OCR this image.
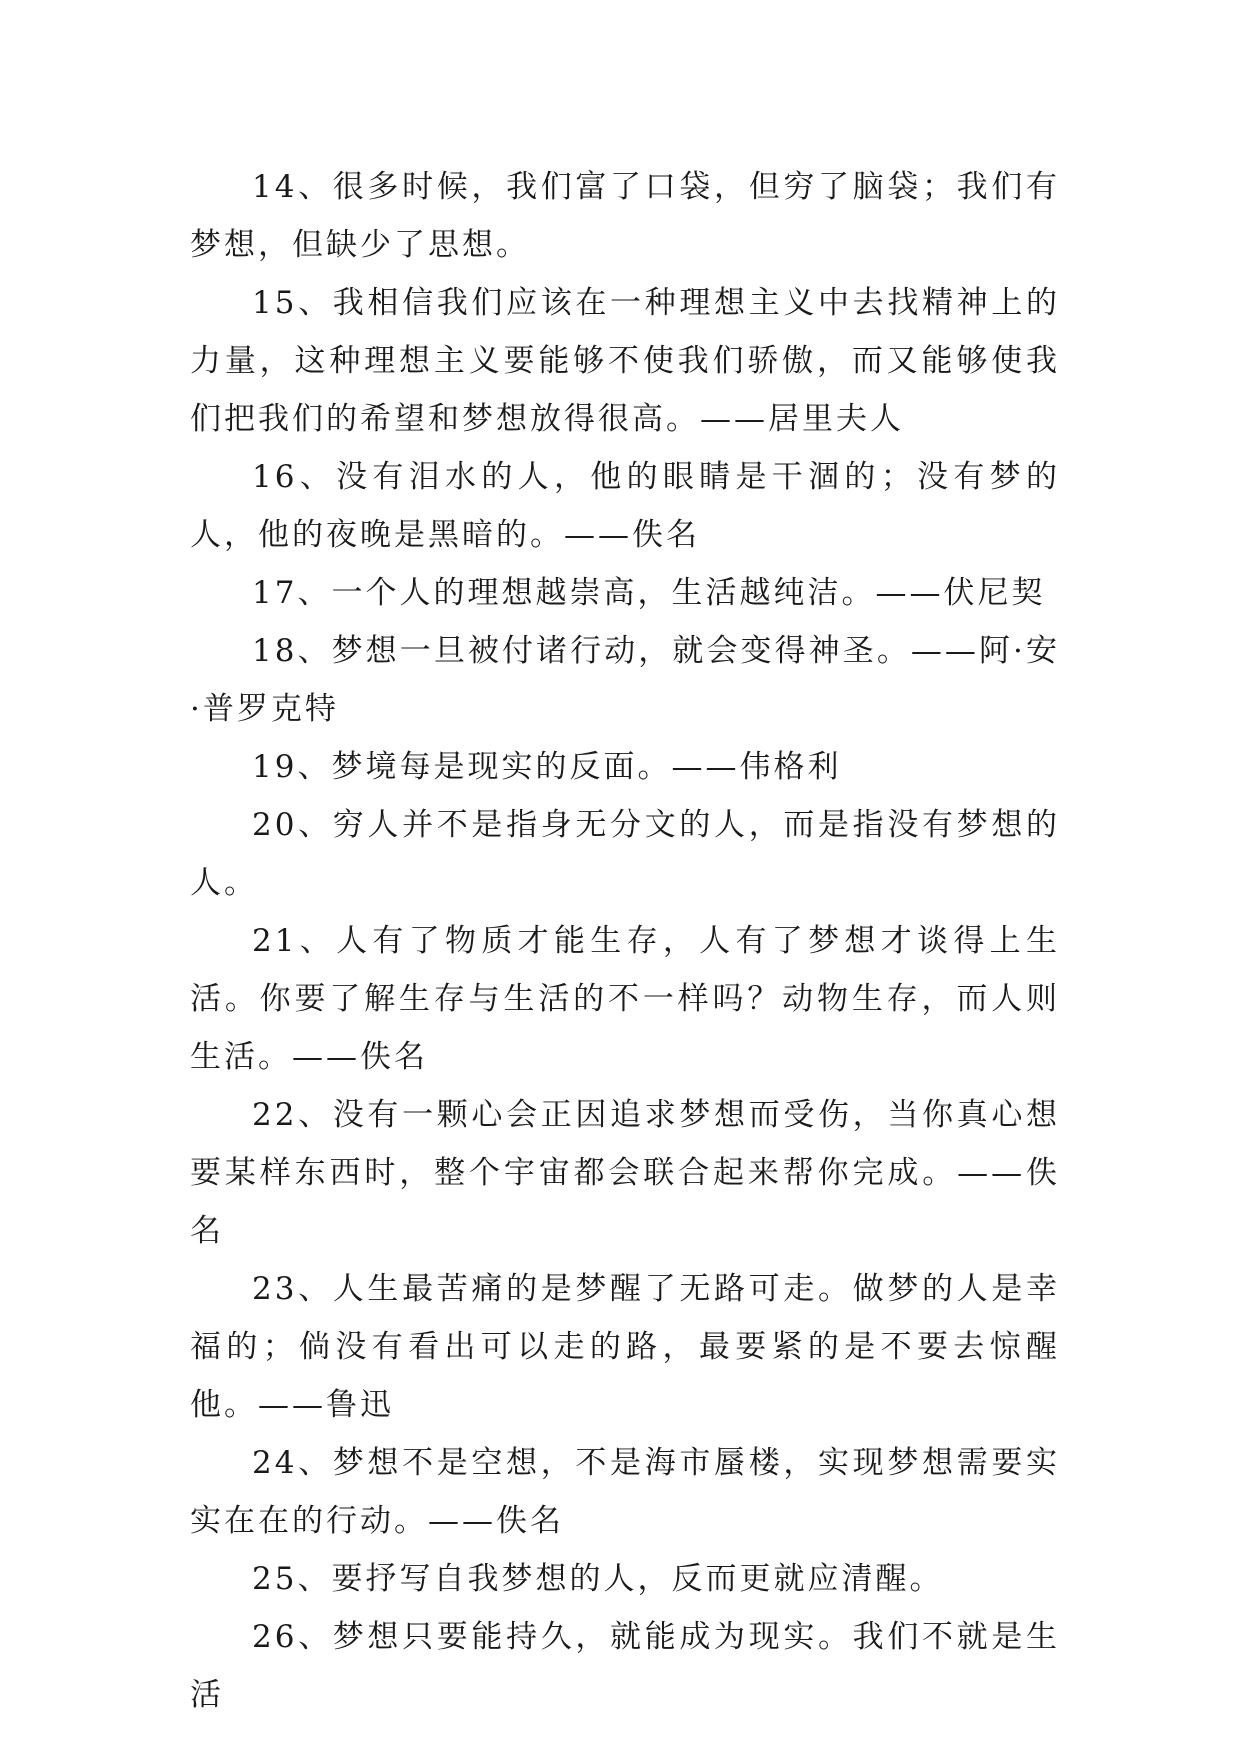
14、很多时候，我们富了口袋，但穷了脑袋；我们有梦想，但缺少了思想。

15、我相信我们应该在一种理想主义中去找精神上的力量，这种理想主义要能够不使我们骄傲，而又能够使我们把我们的希望和梦想放得很高。——居里夫人

16、没有泪水的人，他的眼睛是干涸的；没有梦的人，他的夜晚是黑暗的。——佚名

17、一个人的理想越崇高，生活越纯洁。——伏尼契

18、梦想一旦被付诸行动，就会变得神圣。——阿·安·普罗克特

19、梦境每是现实的反面。——伟格利

20、穷人并不是指身无分文的人，而是指没有梦想的人。

21、人有了物质才能生存，人有了梦想才谈得上生活。你要了解生存与生活的不一样吗？动物生存，而人则生活。——佚名

22、没有一颗心会正因追求梦想而受伤，当你真心想要某样东西时，整个宇宙都会联合起来帮你完成。——佚名

23、人生最苦痛的是梦醒了无路可走。做梦的人是幸福的；倘没有看出可以走的路，最要紧的是不要去惊醒他。——鲁迅

24、梦想不是空想，不是海市蜃楼，实现梦想需要实实在在的行动。——佚名

25、要抒写自我梦想的人，反而更就应清醒。

26、梦想只要能持久，就能成为现实。我们不就是生活
